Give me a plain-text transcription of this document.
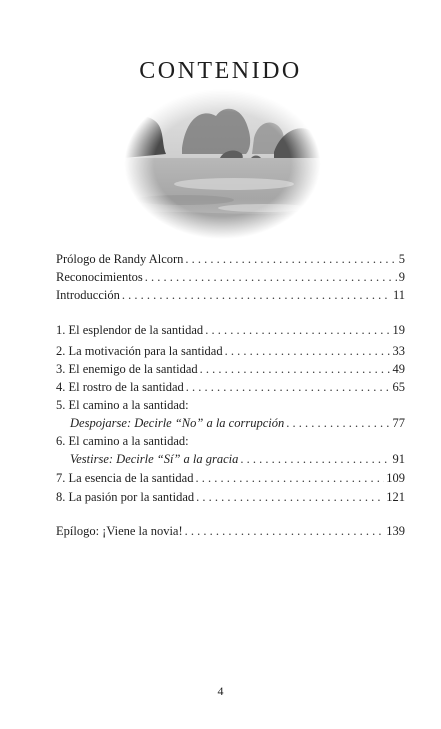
CONTENIDO
Prólogo de Randy Alcorn . . .	5
Reconocimientos . . .	9
Introducción . . .	11
1. El esplendor de la santidad . . .	19
2. La motivación para la santidad . . .	33
3. El enemigo de la santidad . . .	49
4. El rostro de la santidad . . .	65
5. El camino a la santidad:
Despojarse: Decirle “No” a la corrupción . . .	77
6. El camino a la santidad:
Vestirse: Decirle “Sí” a la gracia . . .	91
7. La esencia de la santidad . . .	109
8. La pasión por la santidad . . .	121
Epílogo: ¡Viene la novia! . . .	139
4
